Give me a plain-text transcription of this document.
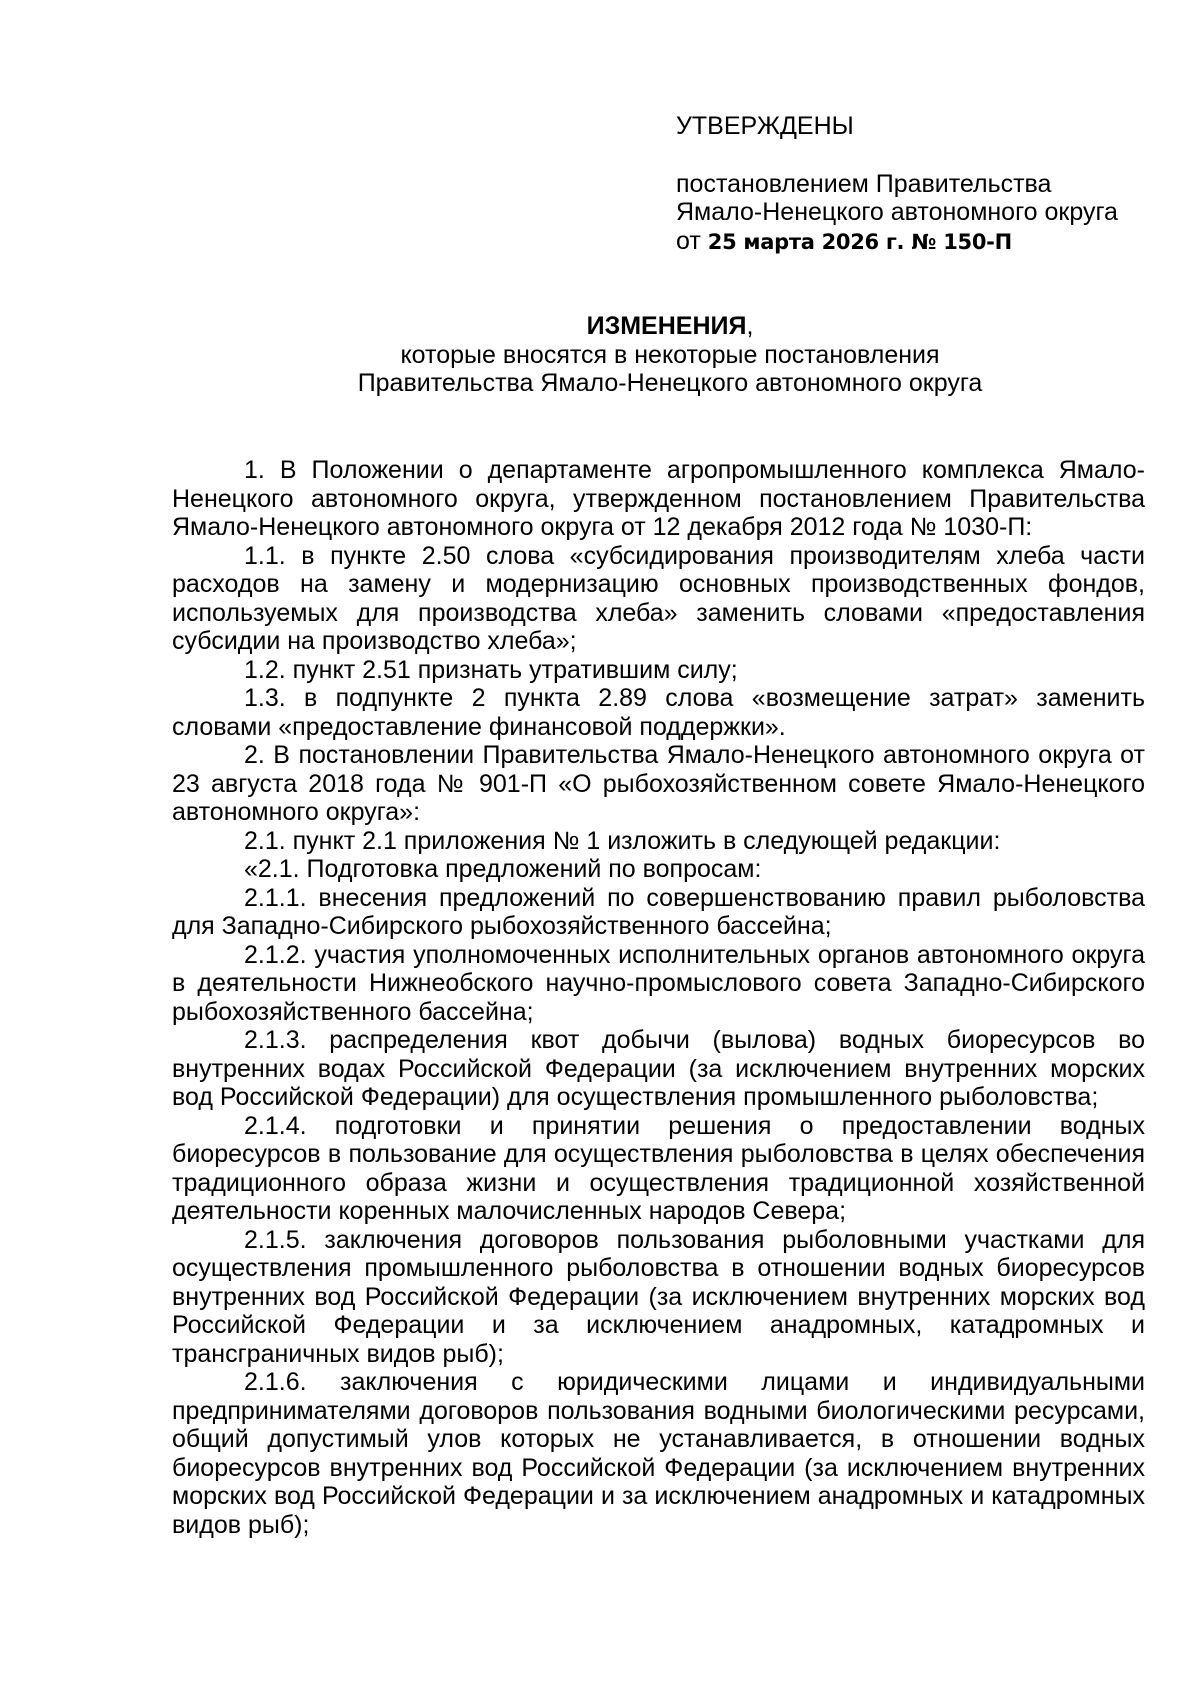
УТВЕРЖДЕНЫ
постановлением Правительства
Ямало-Ненецкого автономного округа
от 25 марта 2026 г. № 150-П
ИЗМЕНЕНИЯ,
которые вносятся в некоторые постановления
Правительства Ямало-Ненецкого автономного округа

1. В Положении о департаменте агропромышленного комплекса Ямало-Ненецкого автономного округа, утвержденном постановлением Правительства Ямало-Ненецкого автономного округа от 12 декабря 2012 года № 1030-П:

1.1. в пункте 2.50 слова «субсидирования производителям хлеба части расходов на замену и модернизацию основных производственных фондов, используемых для производства хлеба» заменить словами «предоставления субсидии на производство хлеба»;

1.2. пункт 2.51 признать утратившим силу;

1.3. в подпункте 2 пункта 2.89 слова «возмещение затрат» заменить словами «предоставление финансовой поддержки».

2. В постановлении Правительства Ямало-Ненецкого автономного округа от 23 августа 2018 года № 901-П «О рыбохозяйственном совете Ямало-Ненецкого автономного округа»:

2.1. пункт 2.1 приложения № 1 изложить в следующей редакции:

«2.1. Подготовка предложений по вопросам:

2.1.1. внесения предложений по совершенствованию правил рыболовства для Западно-Сибирского рыбохозяйственного бассейна;

2.1.2. участия уполномоченных исполнительных органов автономного округа в деятельности Нижнеобского научно-промыслового совета Западно-Сибирского рыбохозяйственного бассейна;

2.1.3. распределения квот добычи (вылова) водных биоресурсов во внутренних водах Российской Федерации (за исключением внутренних морских вод Российской Федерации) для осуществления промышленного рыболовства;

2.1.4. подготовки и принятии решения о предоставлении водных биоресурсов в пользование для осуществления рыболовства в целях обеспечения традиционного образа жизни и осуществления традиционной хозяйственной деятельности коренных малочисленных народов Севера;

2.1.5. заключения договоров пользования рыболовными участками для осуществления промышленного рыболовства в отношении водных биоресурсов внутренних вод Российской Федерации (за исключением внутренних морских вод Российской Федерации и за исключением анадромных, катадромных и трансграничных видов рыб);

2.1.6. заключения с юридическими лицами и индивидуальными предпринимателями договоров пользования водными биологическими ресурсами, общий допустимый улов которых не устанавливается, в отношении водных биоресурсов внутренних вод Российской Федерации (за исключением внутренних морских вод Российской Федерации и за исключением анадромных и катадромных видов рыб);
